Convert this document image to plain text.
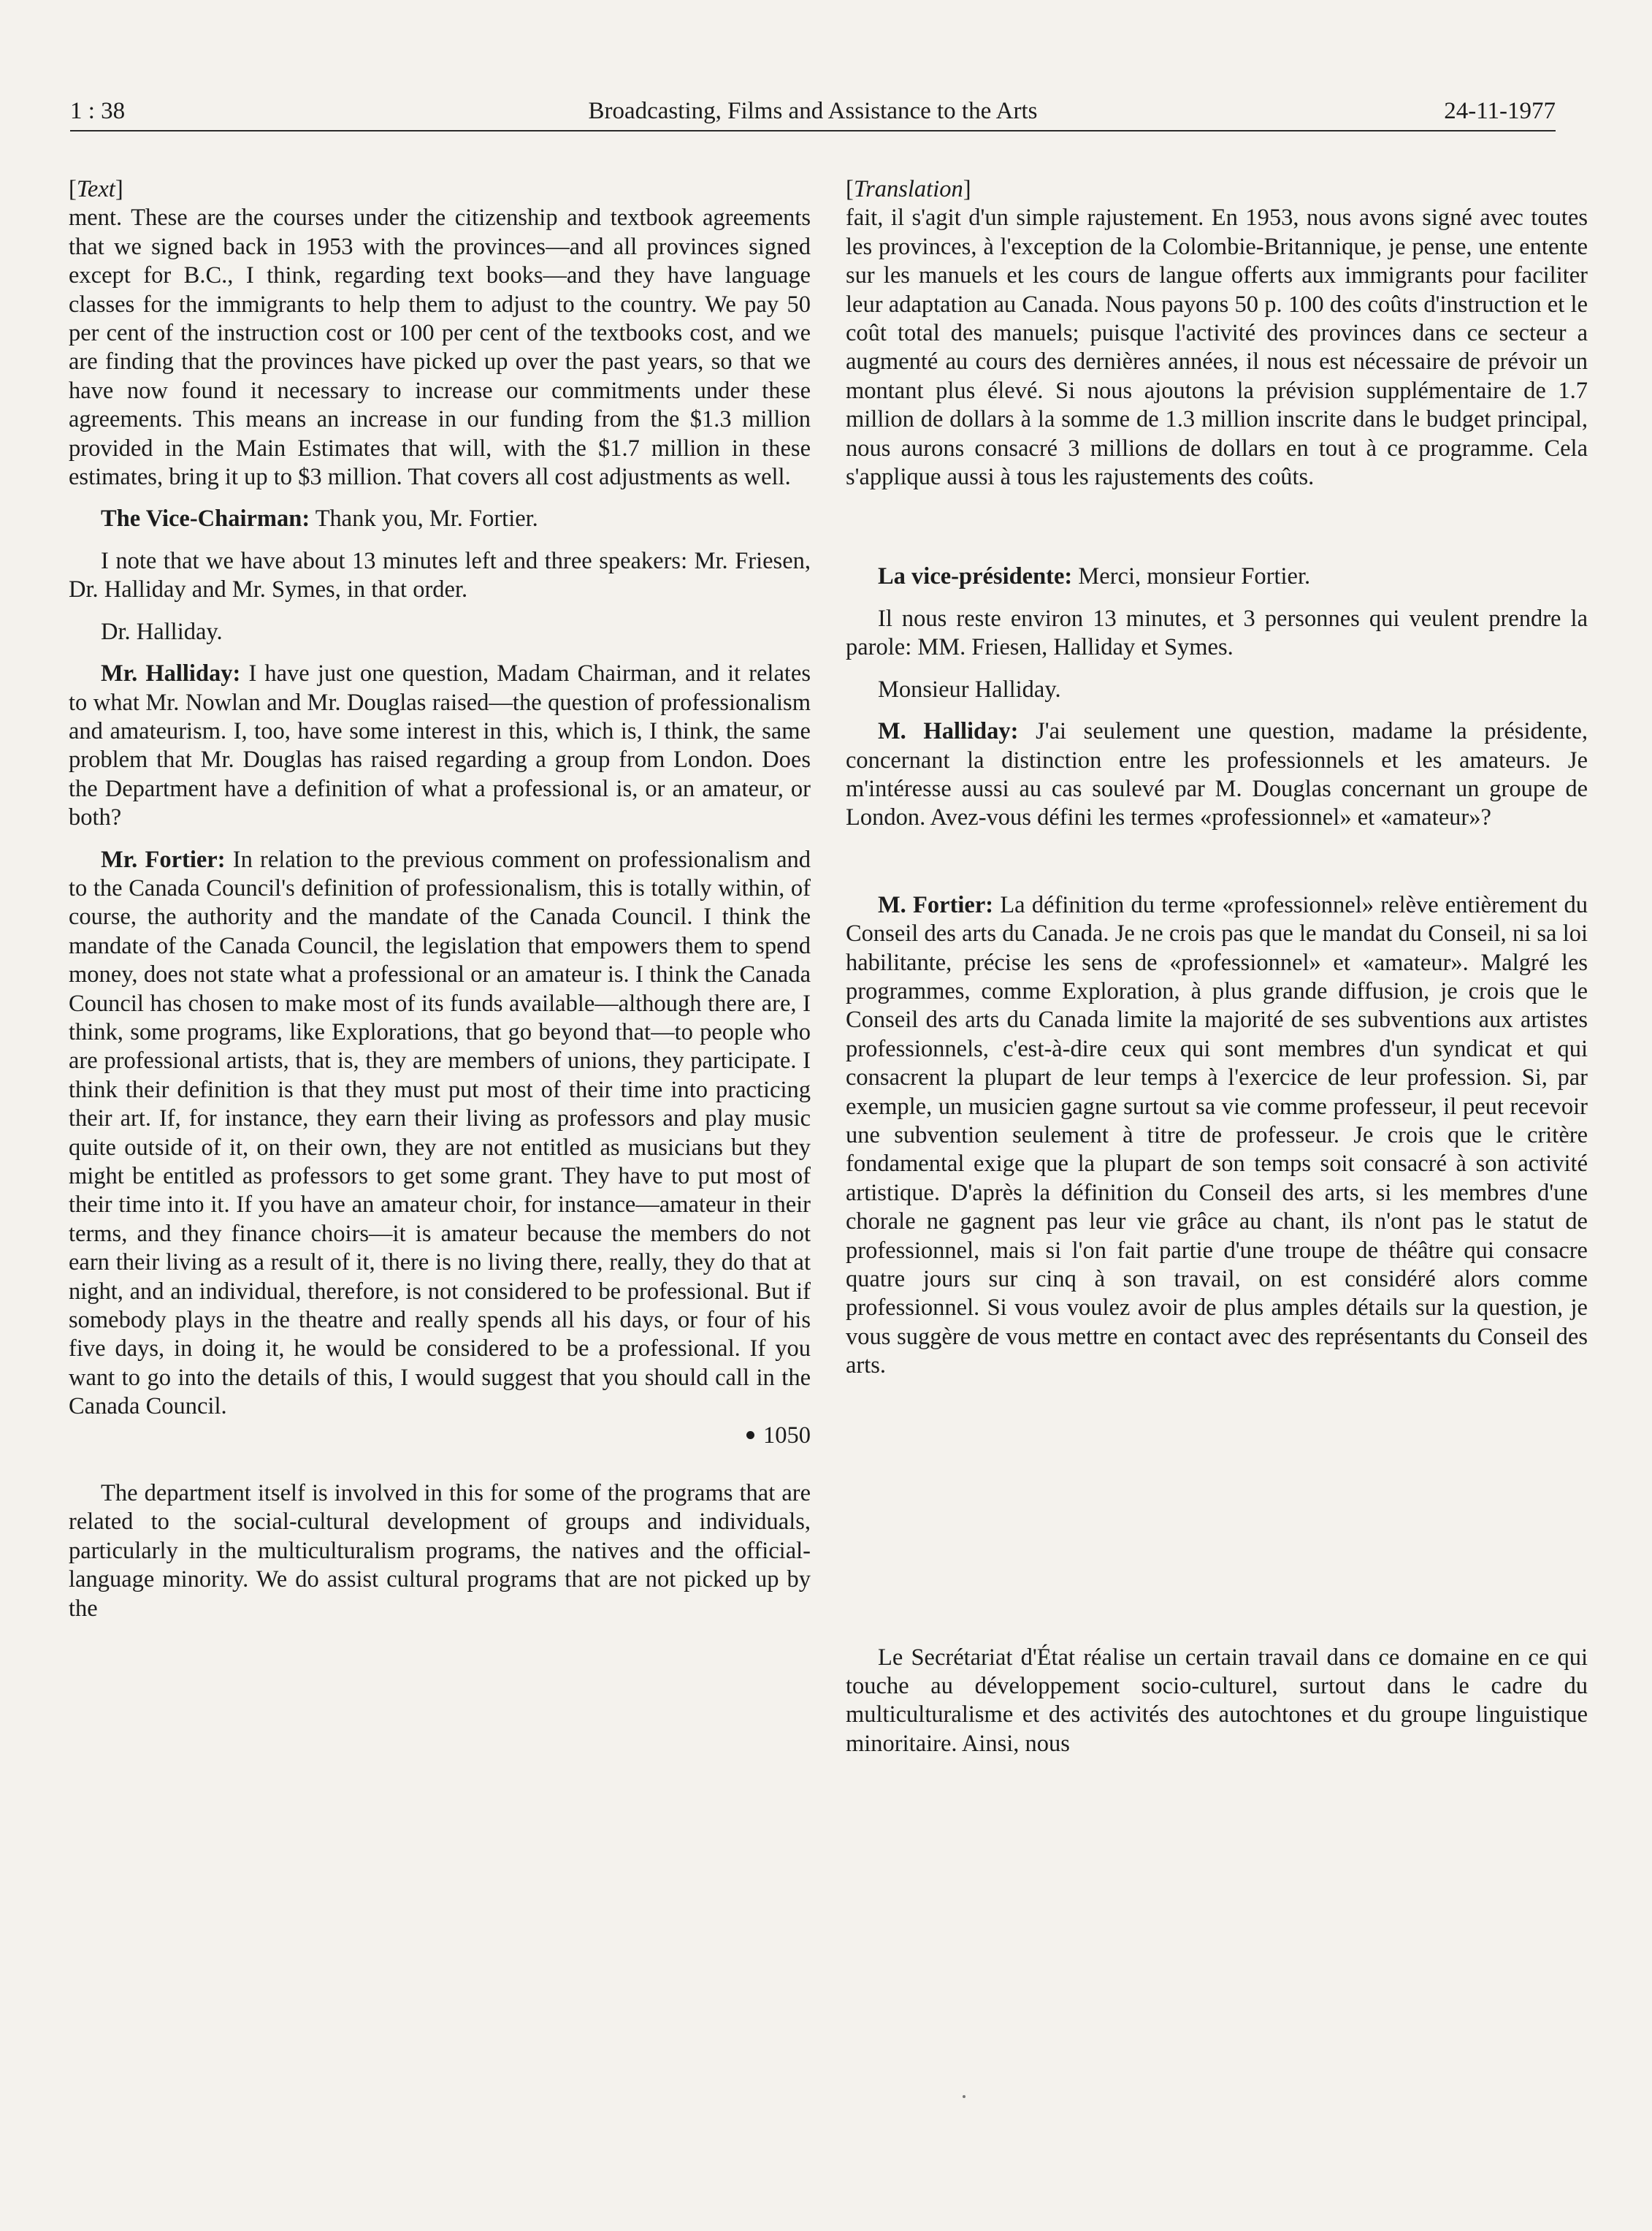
1 : 38	Broadcasting, Films and Assistance to the Arts	24-11-1977

[Text]

ment. These are the courses under the citizenship and textbook agreements that we signed back in 1953 with the provinces—and all provinces signed except for B.C., I think, regarding text books—and they have language classes for the immigrants to help them to adjust to the country. We pay 50 per cent of the instruction cost or 100 per cent of the textbooks cost, and we are finding that the provinces have picked up over the past years, so that we have now found it necessary to increase our commitments under these agreements. This means an increase in our funding from the $1.3 million provided in the Main Estimates that will, with the $1.7 million in these estimates, bring it up to $3 million. That covers all cost adjustments as well.

The Vice-Chairman: Thank you, Mr. Fortier.

I note that we have about 13 minutes left and three speakers: Mr. Friesen, Dr. Halliday and Mr. Symes, in that order.

Dr. Halliday.

Mr. Halliday: I have just one question, Madam Chairman, and it relates to what Mr. Nowlan and Mr. Douglas raised—the question of professionalism and amateurism. I, too, have some interest in this, which is, I think, the same problem that Mr. Douglas has raised regarding a group from London. Does the Department have a definition of what a professional is, or an amateur, or both?

Mr. Fortier: In relation to the previous comment on professionalism and to the Canada Council's definition of professionalism, this is totally within, of course, the authority and the mandate of the Canada Council. I think the mandate of the Canada Council, the legislation that empowers them to spend money, does not state what a professional or an amateur is. I think the Canada Council has chosen to make most of its funds available—although there are, I think, some programs, like Explorations, that go beyond that—to people who are professional artists, that is, they are members of unions, they participate. I think their definition is that they must put most of their time into practicing their art. If, for instance, they earn their living as professors and play music quite outside of it, on their own, they are not entitled as musicians but they might be entitled as professors to get some grant. They have to put most of their time into it. If you have an amateur choir, for instance—amateur in their terms, and they finance choirs—it is amateur because the members do not earn their living as a result of it, there is no living there, really, they do that at night, and an individual, therefore, is not considered to be professional. But if somebody plays in the theatre and really spends all his days, or four of his five days, in doing it, he would be considered to be a professional. If you want to go into the details of this, I would suggest that you should call in the Canada Council.

1050

The department itself is involved in this for some of the programs that are related to the social-cultural development of groups and individuals, particularly in the multiculturalism programs, the natives and the official-language minority. We do assist cultural programs that are not picked up by the

[Translation]

fait, il s'agit d'un simple rajustement. En 1953, nous avons signé avec toutes les provinces, à l'exception de la Colombie-Britannique, je pense, une entente sur les manuels et les cours de langue offerts aux immigrants pour faciliter leur adaptation au Canada. Nous payons 50 p. 100 des coûts d'instruction et le coût total des manuels; puisque l'activité des provinces dans ce secteur a augmenté au cours des dernières années, il nous est nécessaire de prévoir un montant plus élevé. Si nous ajoutons la prévision supplémentaire de 1.7 million de dollars à la somme de 1.3 million inscrite dans le budget principal, nous aurons consacré 3 millions de dollars en tout à ce programme. Cela s'applique aussi à tous les rajustements des coûts.

La vice-présidente: Merci, monsieur Fortier.

Il nous reste environ 13 minutes, et 3 personnes qui veulent prendre la parole: MM. Friesen, Halliday et Symes.

Monsieur Halliday.

M. Halliday: J'ai seulement une question, madame la présidente, concernant la distinction entre les professionnels et les amateurs. Je m'intéresse aussi au cas soulevé par M. Douglas concernant un groupe de London. Avez-vous défini les termes «professionnel» et «amateur»?

M. Fortier: La définition du terme «professionnel» relève entièrement du Conseil des arts du Canada. Je ne crois pas que le mandat du Conseil, ni sa loi habilitante, précise les sens de «professionnel» et «amateur». Malgré les programmes, comme Exploration, à plus grande diffusion, je crois que le Conseil des arts du Canada limite la majorité de ses subventions aux artistes professionnels, c'est-à-dire ceux qui sont membres d'un syndicat et qui consacrent la plupart de leur temps à l'exercice de leur profession. Si, par exemple, un musicien gagne surtout sa vie comme professeur, il peut recevoir une subvention seulement à titre de professeur. Je crois que le critère fondamental exige que la plupart de son temps soit consacré à son activité artistique. D'après la définition du Conseil des arts, si les membres d'une chorale ne gagnent pas leur vie grâce au chant, ils n'ont pas le statut de professionnel, mais si l'on fait partie d'une troupe de théâtre qui consacre quatre jours sur cinq à son travail, on est considéré alors comme professionnel. Si vous voulez avoir de plus amples détails sur la question, je vous suggère de vous mettre en contact avec des représentants du Conseil des arts.

Le Secrétariat d'État réalise un certain travail dans ce domaine en ce qui touche au développement socio-culturel, surtout dans le cadre du multiculturalisme et des activités des autochtones et du groupe linguistique minoritaire. Ainsi, nous
